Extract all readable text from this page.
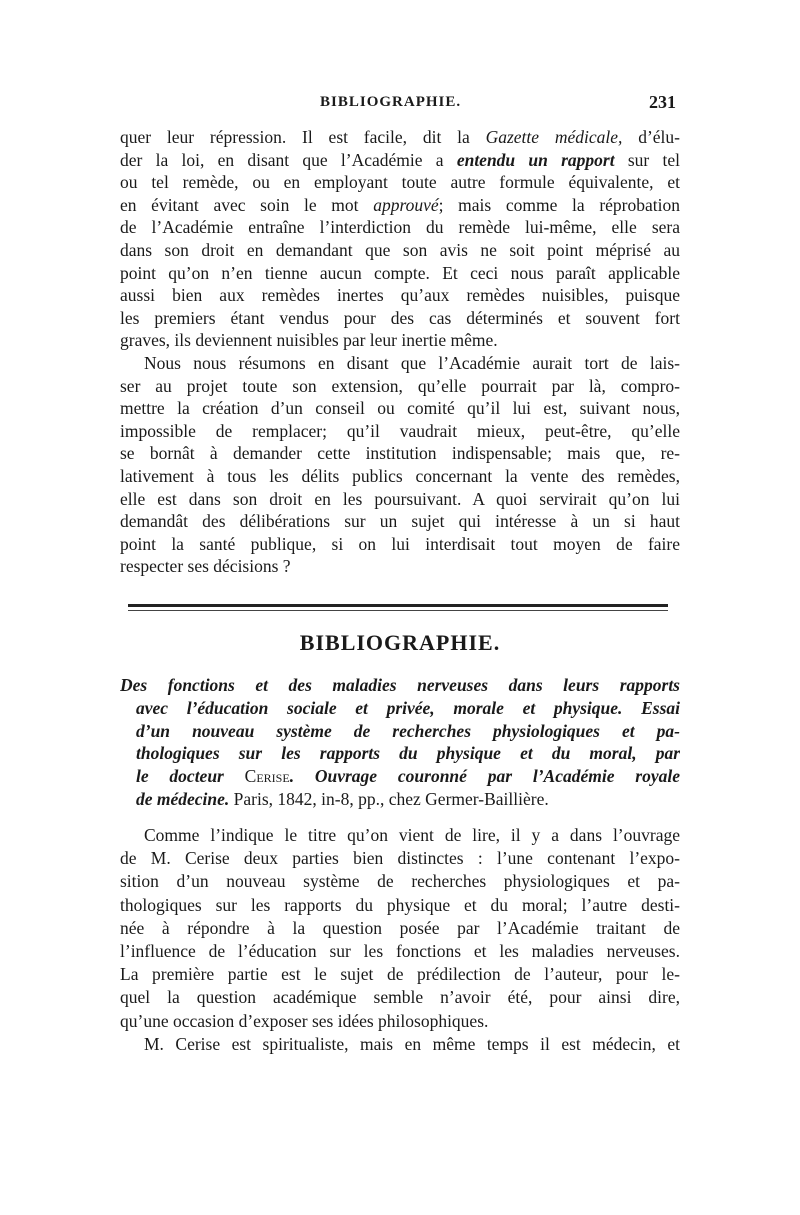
BIBLIOGRAPHIE.	231
quer leur répression. Il est facile, dit la Gazette médicale, d’élu-
der la loi, en disant que l’Académie a entendu un rapport sur tel
ou tel remède, ou en employant toute autre formule équivalente, et
en évitant avec soin le mot approuvé; mais comme la réprobation
de l’Académie entraîne l’interdiction du remède lui-même, elle sera
dans son droit en demandant que son avis ne soit point méprisé au
point qu’on n’en tienne aucun compte. Et ceci nous paraît applicable
aussi bien aux remèdes inertes qu’aux remèdes nuisibles, puisque
les premiers étant vendus pour des cas déterminés et souvent fort
graves, ils deviennent nuisibles par leur inertie même.
Nous nous résumons en disant que l’Académie aurait tort de lais-
ser au projet toute son extension, qu’elle pourrait par là, compro-
mettre la création d’un conseil ou comité qu’il lui est, suivant nous,
impossible de remplacer; qu’il vaudrait mieux, peut-être, qu’elle
se bornât à demander cette institution indispensable; mais que, re-
lativement à tous les délits publics concernant la vente des remèdes,
elle est dans son droit en les poursuivant. A quoi servirait qu’on lui
demandât des délibérations sur un sujet qui intéresse à un si haut
point la santé publique, si on lui interdisait tout moyen de faire
respecter ses décisions ?
BIBLIOGRAPHIE.
Des fonctions et des maladies nerveuses dans leurs rapports
avec l’éducation sociale et privée, morale et physique. Essai
d’un nouveau système de recherches physiologiques et pa-
thologiques sur les rapports du physique et du moral, par
le docteur Cerise. Ouvrage couronné par l’Académie royale
de médecine. Paris, 1842, in-8, pp., chez Germer-Baillière.
Comme l’indique le titre qu’on vient de lire, il y a dans l’ouvrage
de M. Cerise deux parties bien distinctes : l’une contenant l’expo-
sition d’un nouveau système de recherches physiologiques et pa-
thologiques sur les rapports du physique et du moral; l’autre desti-
née à répondre à la question posée par l’Académie traitant de
l’influence de l’éducation sur les fonctions et les maladies nerveuses.
La première partie est le sujet de prédilection de l’auteur, pour le-
quel la question académique semble n’avoir été, pour ainsi dire,
qu’une occasion d’exposer ses idées philosophiques.
M. Cerise est spiritualiste, mais en même temps il est médecin, et
